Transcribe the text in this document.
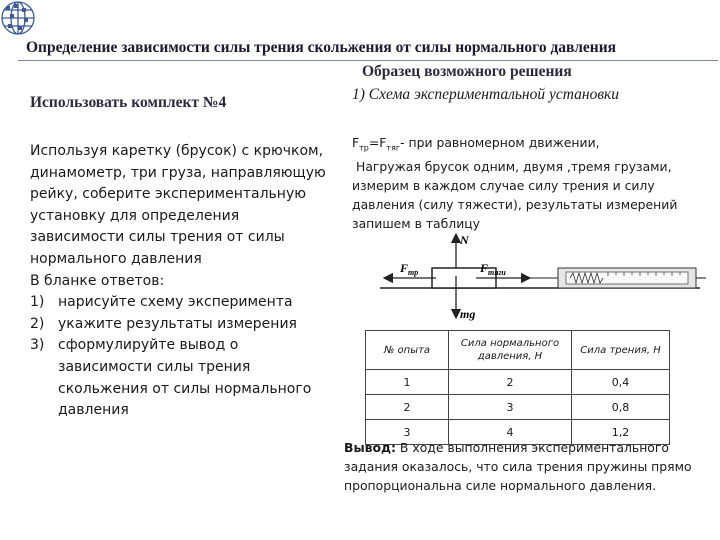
Определение зависимости силы трения скольжения от силы нормального давления
Образец возможного решения
Использовать комплект №4	1) Схема экспериментальной установки

Используя каретку (брусок) с крючком, динамометр, три груза, направляющую рейку, соберите экспериментальную установку для определения зависимости силы трения от силы нормального давления

В бланке ответов:

1) нарисуйте схему эксперимента
2) укажите результаты измерения
3) сформулируйте вывод о зависимости силы трения скольжения от силы нормального давления
$F_{тр}=F_{тяг}-$ при равномерном движении,
Нагружая брусок одним, двумя ,тремя грузами,
измерим в каждом случае силу трения и силу
давления (силу тяжести), результаты измерений
запишем в таблицу
N
mg
$F_{тр}$	$F_{тяги}$
№ опыта	Сила нормального давления, Н	Сила трения, Н
1	2	0,4
2	3	0,8
3	4	1,2
Вывод: В ходе выполнения экспериментального задания оказалось, что сила трения пружины прямо пропорциональна силе нормального давления.
